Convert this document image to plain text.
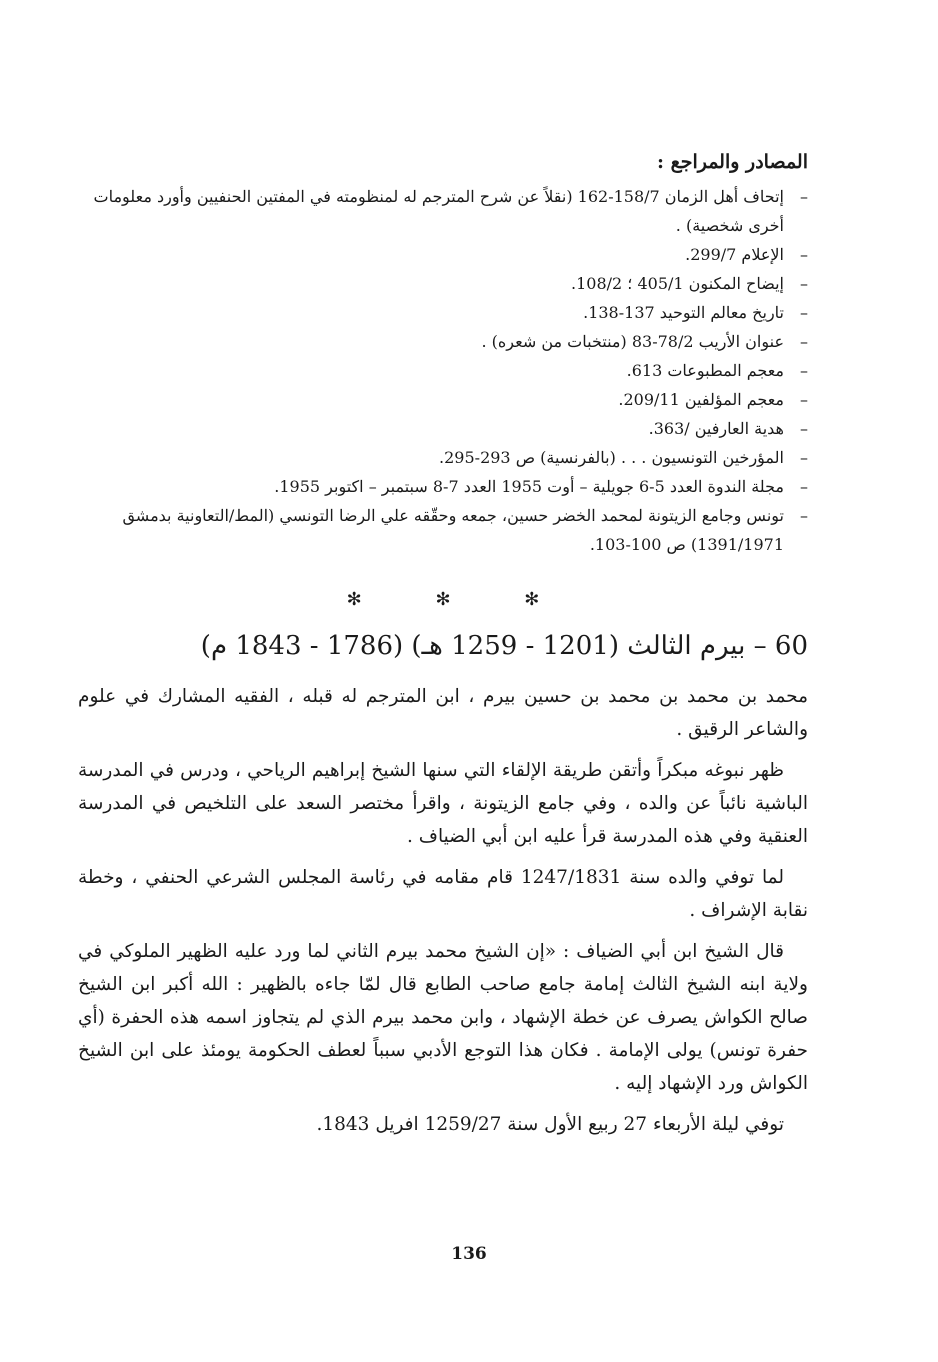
المصادر والمراجع :
–
إتحاف أهل الزمان 158/7-162 (نقلاً عن شرح المترجم له لمنظومته في المفتين الحنفيين وأورد معلومات أخرى شخصية) .
–
الإعلام 299/7.
–
إيضاح المكنون 405/1 ؛ 108/2.
–
تاريخ معالم التوحيد 137-138.
–
عنوان الأريب 78/2-83 (منتخبات من شعره) .
–
معجم المطبوعات 613.
–
معجم المؤلفين 209/11.
–
هدية العارفين /363.
–
المؤرخين التونسيون . . . (بالفرنسية) ص 293-295.
–
مجلة الندوة العدد 5-6 جويلية – أوت 1955 العدد 7-8 سبتمبر – اكتوبر 1955.
–
تونس وجامع الزيتونة لمحمد الخضر حسين، جمعه وحقّقه علي الرضا التونسي (المط/التعاونية بدمشق 1391/1971) ص 100-103.
✻ ✻ ✻
60 – بيرم الثالث (1201 - 1259 هـ) (1786 - 1843 م)

محمد بن محمد بن محمد بن حسين بيرم ، ابن المترجم له قبله ، الفقيه المشارك في علوم والشاعر الرقيق .

ظهر نبوغه مبكراً وأتقن طريقة الإلقاء التي سنها الشيخ إبراهيم الرياحي ، ودرس في المدرسة الباشية نائباً عن والده ، وفي جامع الزيتونة ، واقرأ مختصر السعد على التلخيص في المدرسة العنقية وفي هذه المدرسة قرأ عليه ابن أبي الضياف .

لما توفي والده سنة 1247/1831 قام مقامه في رئاسة المجلس الشرعي الحنفي ، وخطة نقابة الإشراف .

قال الشيخ ابن أبي الضياف : «إن الشيخ محمد بيرم الثاني لما ورد عليه الظهير الملوكي في ولاية ابنه الشيخ الثالث إمامة جامع صاحب الطابع قال لمّا جاءه بالظهير : الله أكبر ابن الشيخ صالح الكواش يصرف عن خطة الإشهاد ، وابن محمد بيرم الذي لم يتجاوز اسمه هذه الحفرة (أي حفرة تونس) يولى الإمامة . فكان هذا التوجع الأدبي سبباً لعطف الحكومة يومئذ على ابن الشيخ الكواش ورد الإشهاد إليه .

توفي ليلة الأربعاء 27 ربيع الأول سنة 1259/27 افريل 1843.

136
